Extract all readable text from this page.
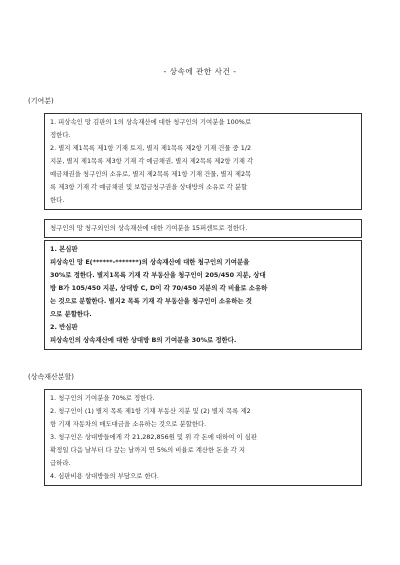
- 상속에 관한 사건 -
(기여분)

1. 피상속인 망 김판의 1의 상속재산에 대한 청구인의 기여분을 100%로

정한다.

2. 별지 제1목록 제1항 기재 토지, 별지 제1목록 제2항 기재 건물 중 1/2

지분, 별지 제1목록 제3항 기재 각 예금채권, 별지 제2목록 제2항 기재 각

예금채권을 청구인의 소유로, 별지 제2목록 제1항 기재 건물, 별지 제2목

록 제3항 기재 각 예금채권 및 보험금청구권을 상대방의 소유로 각 분할

한다.

청구인의 망 청구외인의 상속재산에 대한 기여분을 15퍼센트로 정한다.

1. 본심판

피상속인 망 E(******-*******)의 상속재산에 대한 청구인의 기여분을

30%로 정한다. 별지1목록 기재 각 부동산을 청구인이 205/450 지분, 상대

방 B가 105/450 지분, 상대방 C, D이 각 70/450 지분의 각 비율로 소유하

는 것으로 분할한다. 별지2 목록 기재 각 부동산을 청구인이 소유하는 것

으로 분할한다.

2. 반심판

피상속인의 상속재산에 대한 상대방 B의 기여분을 30%로 정한다.

(상속재산분할)

1. 청구인의 기여분을 70%로 정한다.

2. 청구인이 (1) 별지 목록 제1항 기재 부동산 지분 및 (2) 별지 목록 제2

항 기재 자동차의 매도대금을 소유하는 것으로 분할한다.

3. 청구인은 상대방들에게 각 21,282,856원 및 위 각 돈에 대하여 이 심판

확정일 다음 날부터 다 갚는 날까지 연 5%의 비율로 계산한 돈을 각 지

급하라.

4. 심판비용 상대방들의 부담으로 한다.
